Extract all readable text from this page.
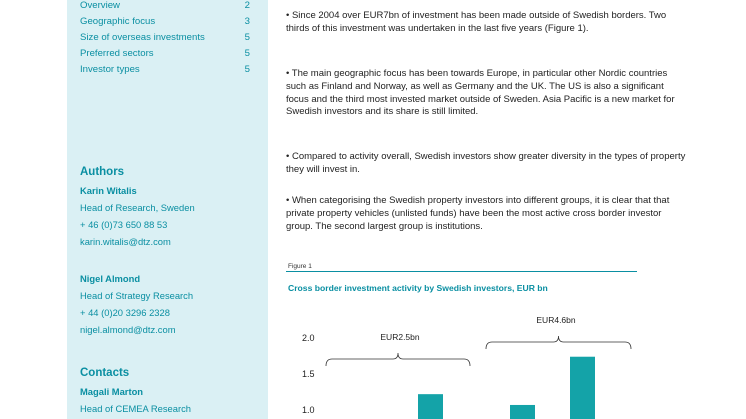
Overview	2
Geographic focus	3
Size of overseas investments	5
Preferred sectors	5
Investor types	5
Authors
Karin Witalis
Head of Research, Sweden
+ 46 (0)73 650 88 53
karin.witalis@dtz.com
Nigel Almond
Head of Strategy Research
+ 44 (0)20 3296 2328
nigel.almond@dtz.com
Contacts
Magali Marton
Head of CEMEA Research
• Since 2004 over EUR7bn of investment has been made outside of Swedish borders. Two thirds of this investment was undertaken in the last five years (Figure 1).
• The main geographic focus has been towards Europe, in particular other Nordic countries such as Finland and Norway, as well as Germany and the UK. The US is also a significant focus and the third most invested market outside of Sweden. Asia Pacific is a new market for Swedish investors and its share is still limited.
• Compared to activity overall, Swedish investors show greater diversity in the types of property they will invest in.
• When categorising the Swedish property investors into different groups, it is clear that that private property vehicles (unlisted funds) have been the most active cross border investor group. The second largest group is institutions.
Figure 1
Cross border investment activity by Swedish investors, EUR bn
2.0
1.5
1.0
EUR2.5bn
EUR4.6bn
